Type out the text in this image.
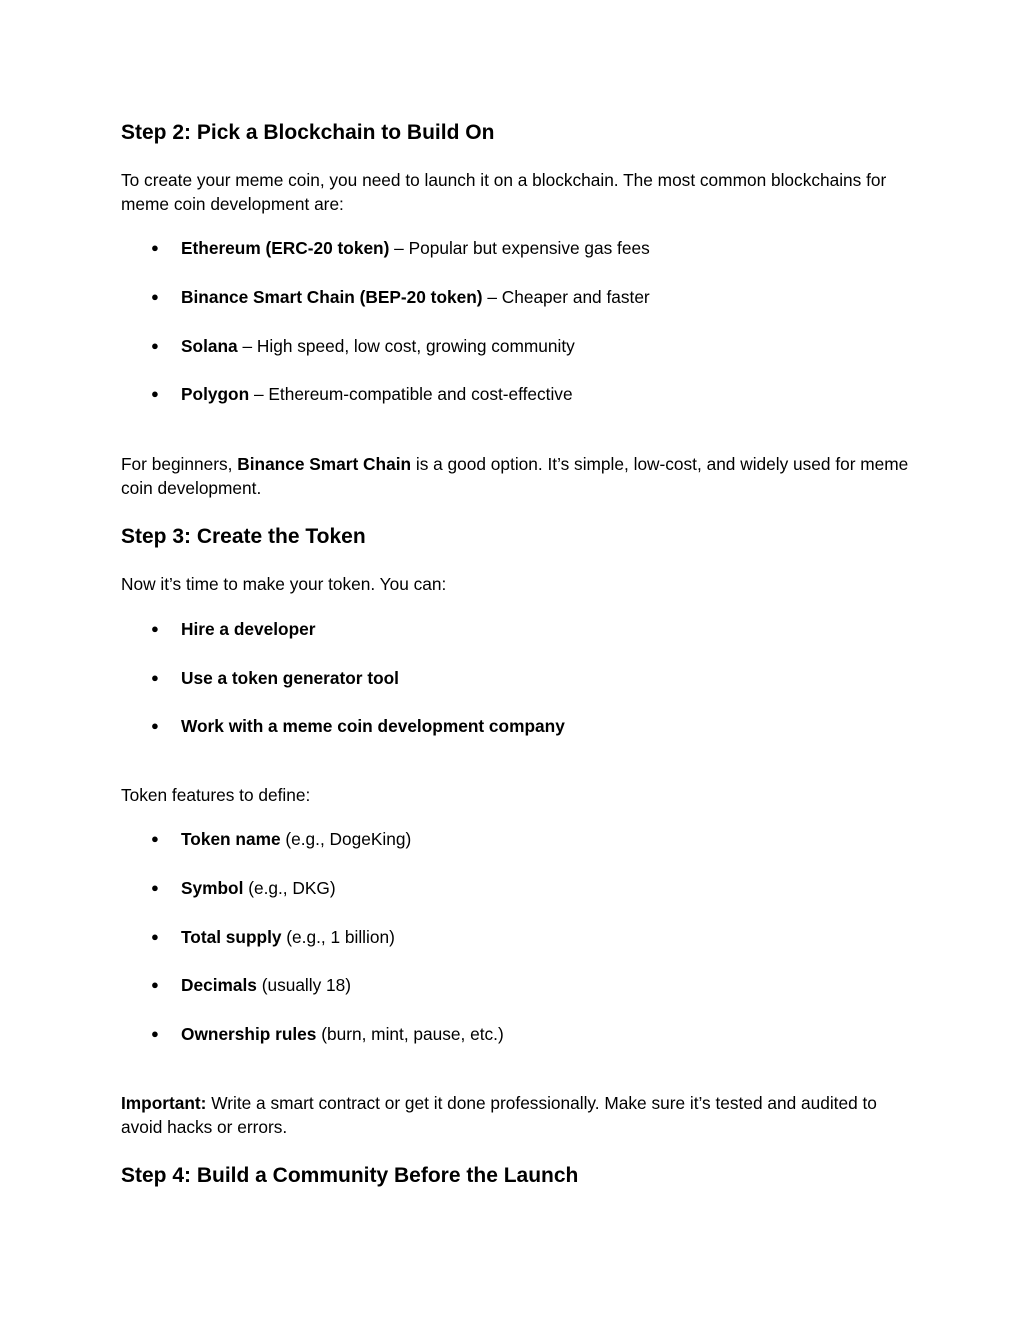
Step 2: Pick a Blockchain to Build On

To create your meme coin, you need to launch it on a blockchain. The most common blockchains for meme coin development are:

● Ethereum (ERC-20 token) – Popular but expensive gas fees
● Binance Smart Chain (BEP-20 token) – Cheaper and faster
● Solana – High speed, low cost, growing community
● Polygon – Ethereum-compatible and cost-effective

For beginners, Binance Smart Chain is a good option. It’s simple, low-cost, and widely used for meme coin development.

Step 3: Create the Token

Now it’s time to make your token. You can:

● Hire a developer
● Use a token generator tool
● Work with a meme coin development company

Token features to define:

● Token name (e.g., DogeKing)
● Symbol (e.g., DKG)
● Total supply (e.g., 1 billion)
● Decimals (usually 18)
● Ownership rules (burn, mint, pause, etc.)

Important: Write a smart contract or get it done professionally. Make sure it’s tested and audited to avoid hacks or errors.

Step 4: Build a Community Before the Launch
